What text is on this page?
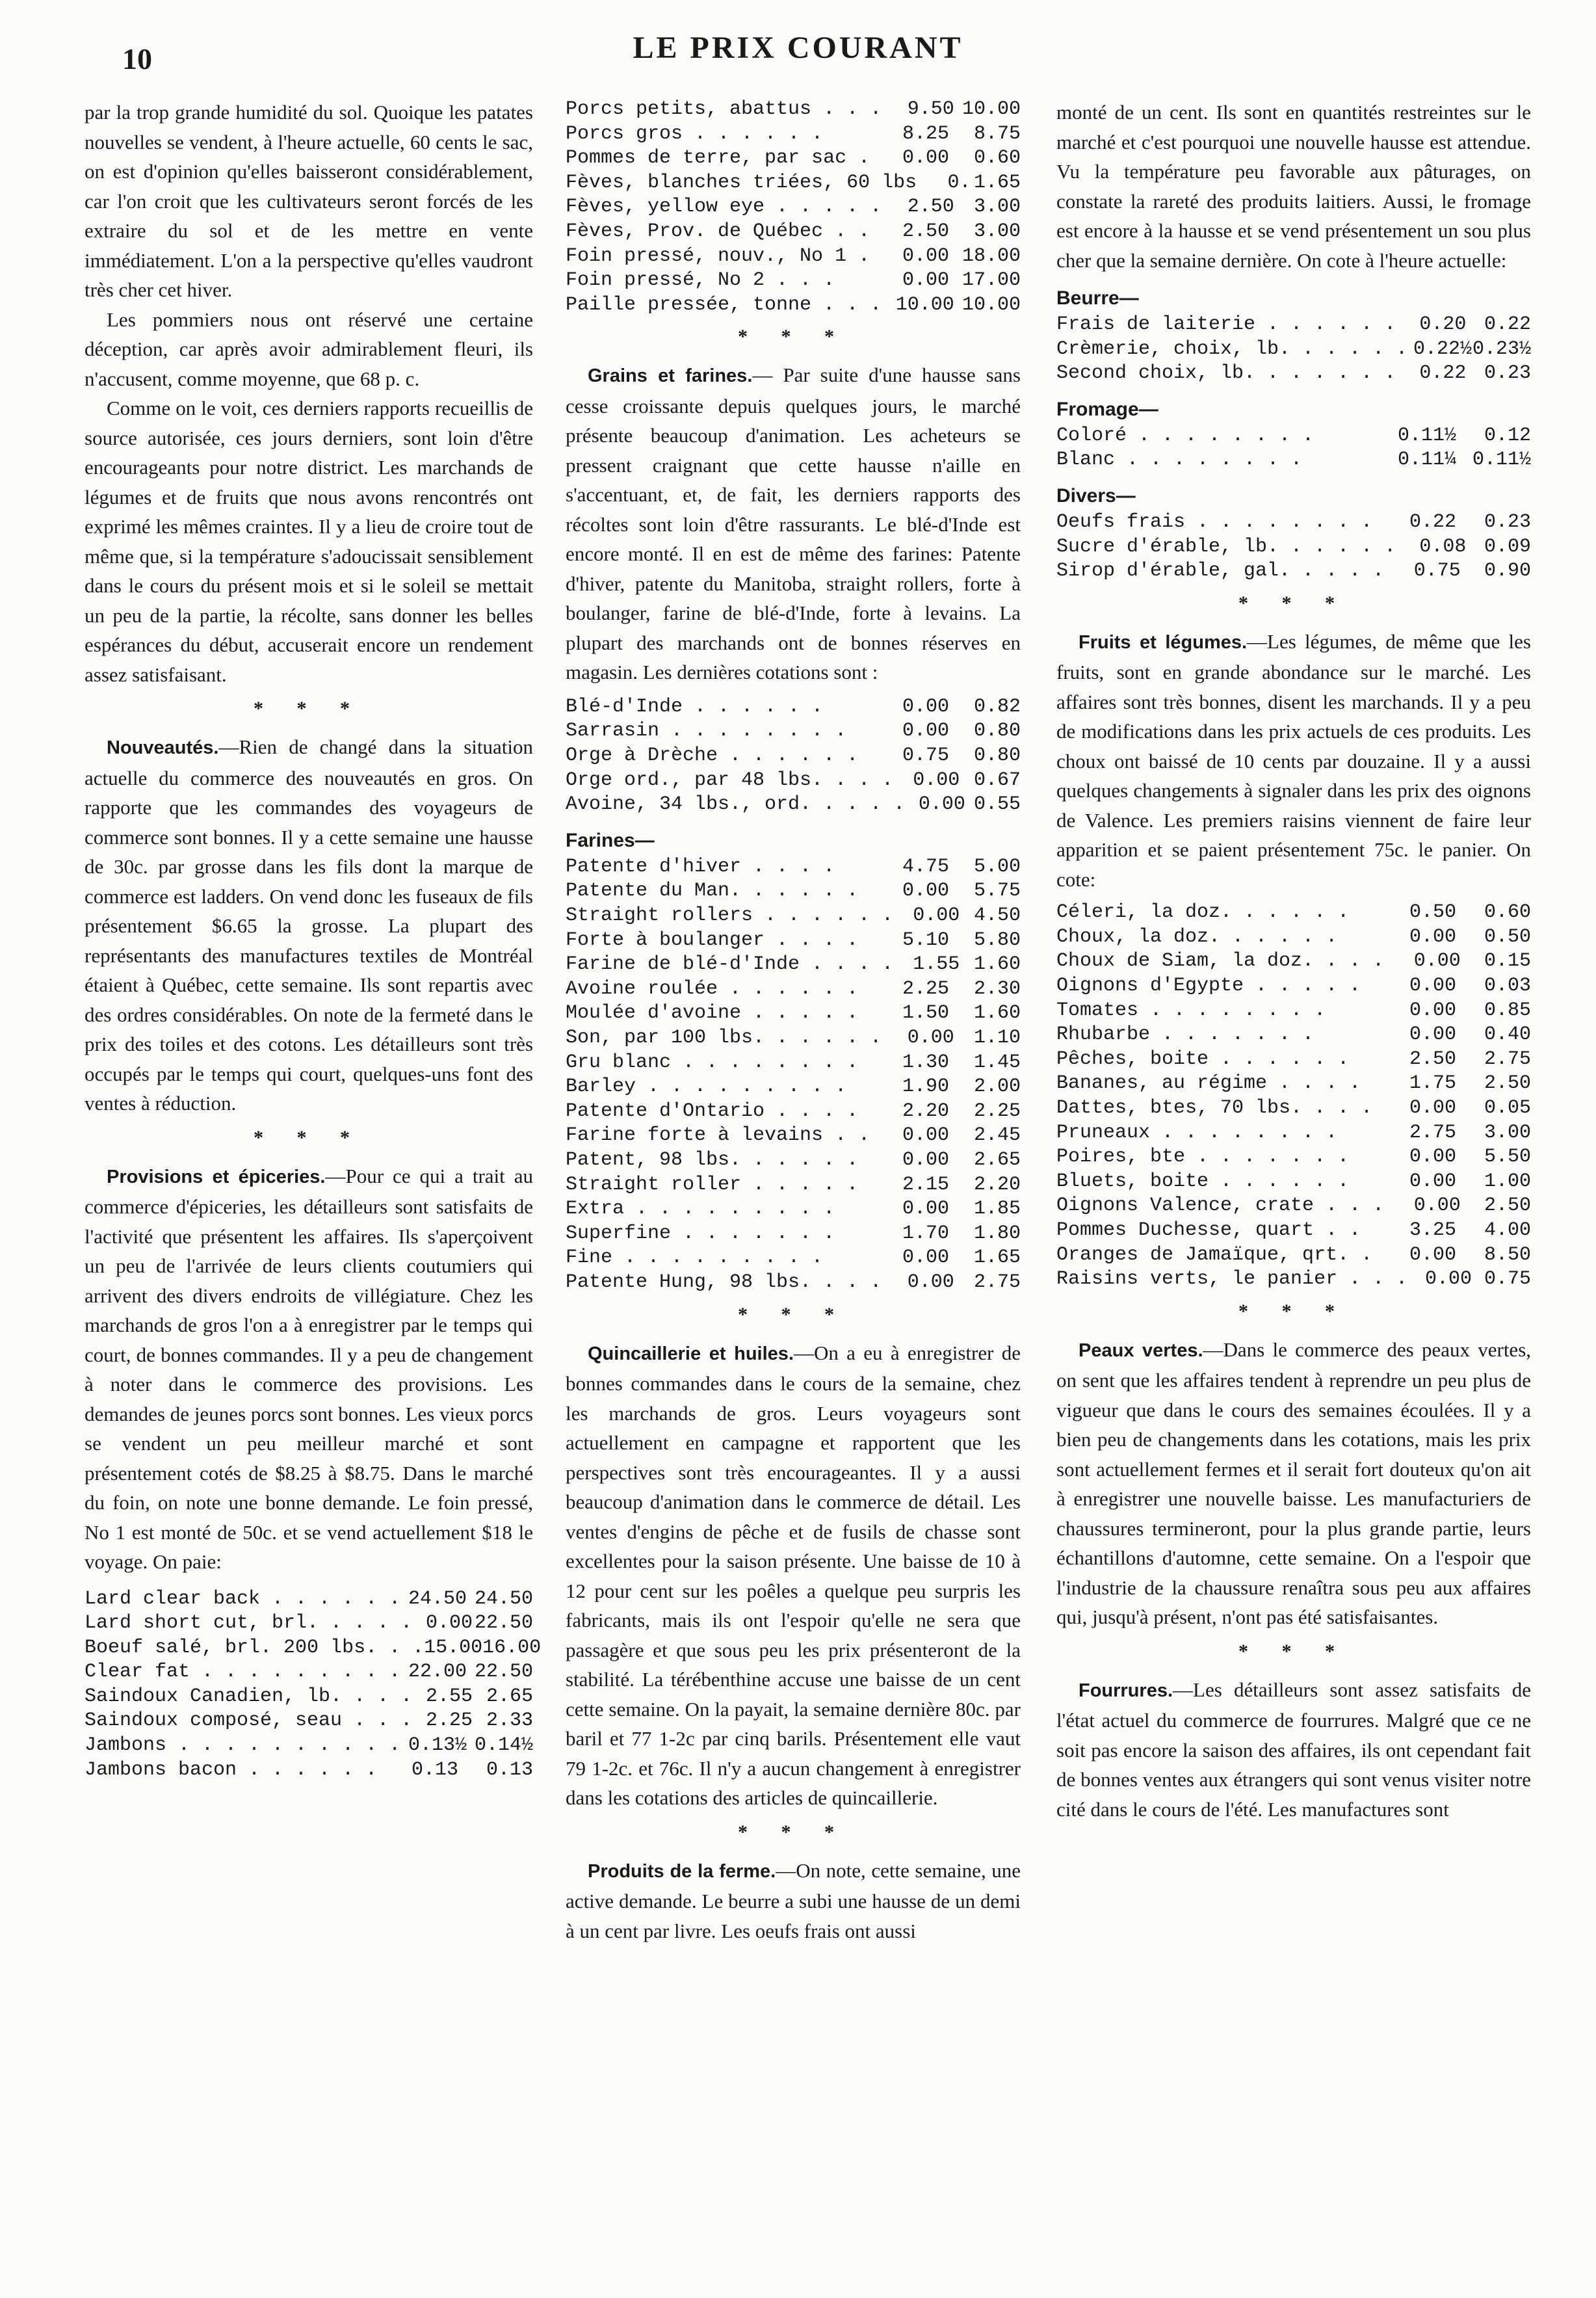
10	LE PRIX COURANT

par la trop grande humidité du sol. Quoique les patates nouvelles se vendent, à l'heure actuelle, 60 cents le sac, on est d'opinion qu'elles baisseront considérablement, car l'on croit que les cultivateurs seront forcés de les extraire du sol et de les mettre en vente immédiatement. L'on a la perspective qu'elles vaudront très cher cet hiver.

Les pommiers nous ont réservé une certaine déception, car après avoir admirablement fleuri, ils n'accusent, comme moyenne, que 68 p. c.

Comme on le voit, ces derniers rapports recueillis de source autorisée, ces jours derniers, sont loin d'être encourageants pour notre district. Les marchands de légumes et de fruits que nous avons rencontrés ont exprimé les mêmes craintes. Il y a lieu de croire tout de même que, si la température s'adoucissait sensiblement dans le cours du présent mois et si le soleil se mettait un peu de la partie, la récolte, sans donner les belles espérances du début, accuserait encore un rendement assez satisfaisant.

* * *

Nouveautés.—Rien de changé dans la situation actuelle du commerce des nouveautés en gros. On rapporte que les commandes des voyageurs de commerce sont bonnes. Il y a cette semaine une hausse de 30c. par grosse dans les fils dont la marque de commerce est ladders. On vend donc les fuseaux de fils présentement $6.65 la grosse. La plupart des représentants des manufactures textiles de Montréal étaient à Québec, cette semaine. Ils sont repartis avec des ordres considérables. On note de la fermeté dans le prix des toiles et des cotons. Les détailleurs sont très occupés par le temps qui court, quelques-uns font des ventes à réduction.

* * *

Provisions et épiceries.—Pour ce qui a trait au commerce d'épiceries, les détailleurs sont satisfaits de l'activité que présentent les affaires. Ils s'aperçoivent un peu de l'arrivée de leurs clients coutumiers qui arrivent des divers endroits de villégiature. Chez les marchands de gros l'on a à enregistrer par le temps qui court, de bonnes commandes. Il y a peu de changement à noter dans le commerce des provisions. Les demandes de jeunes porcs sont bonnes. Les vieux porcs se vendent un peu meilleur marché et sont présentement cotés de $8.25 à $8.75. Dans le marché du foin, on note une bonne demande. Le foin pressé, No 1 est monté de 50c. et se vend actuellement $18 le voyage. On paie:

Lard clear back . . . . . . 24.50 24.50
Lard short cut, brl. . . . . 0.00 22.50
Boeuf salé, brl. 200 lbs. . . 15.00 16.00
Clear fat . . . . . . . . . 22.00 22.50
Saindoux Canadien, lb. . . . 2.55 2.65
Saindoux composé, seau . . . 2.25 2.33
Jambons . . . . . . . . . . 0.13½ 0.14½
Jambons bacon . . . . . .	0.13	0.13
Porcs petits, abattus . . .	9.50 10.00
Porcs gros . . . . . .	8.25	8.75
Pommes de terre, par sac .	0.00	0.60
Fèves, blanches triées, 60 lbs	0. 1.65
Fèves, yellow eye . . . . .	2.50	3.00
Fèves, Prov. de Québec . .	2.50	3.00
Foin pressé, nouv., No 1 .	0.00 18.00
Foin pressé, No 2 . . .	0.00 17.00
Paille pressée, tonne . . . 10.00 10.00
* * *

Grains et farines.— Par suite d'une hausse sans cesse croissante depuis quelques jours, le marché présente beaucoup d'animation. Les acheteurs se pressent craignant que cette hausse n'aille en s'accentuant, et, de fait, les derniers rapports des récoltes sont loin d'être rassurants. Le blé-d'Inde est encore monté. Il en est de même des farines: Patente d'hiver, patente du Manitoba, straight rollers, forte à boulanger, farine de blé-d'Inde, forte à levains. La plupart des marchands ont de bonnes réserves en magasin. Les dernières cotations sont :

Blé-d'Inde . . . . . .	0.00	0.82
Sarrasin . . . . . . . .	0.00	0.80
Orge à Drèche . . . . . .	0.75	0.80
Orge ord., par 48 lbs. . . .	0.00 0.67
Avoine, 34 lbs., ord. . . . . 0.00 0.55
Farines—
Patente d'hiver . . . .	4.75	5.00
Patente du Man. . . . . .	0.00	5.75
Straight rollers . . . . . .	0.00 4.50
Forte à boulanger . . . .	5.10	5.80
Farine de blé-d'Inde . . . .	1.55 1.60
Avoine roulée . . . . . .	2.25	2.30
Moulée d'avoine . . . . .	1.50	1.60
Son, par 100 lbs. . . . . .	0.00	1.10
Gru blanc . . . . . . . .	1.30	1.45
Barley . . . . . . . . .	1.90	2.00
Patente d'Ontario . . . .	2.20	2.25
Farine forte à levains . .	0.00	2.45
Patent, 98 lbs. . . . . .	0.00	2.65
Straight roller . . . . .	2.15	2.20
Extra . . . . . . . . .	0.00	1.85
Superfine . . . . . . .	1.70	1.80
Fine . . . . . . . . .	0.00	1.65
Patente Hung, 98 lbs. . . .	0.00	2.75
* * *

Quincaillerie et huiles.—On a eu à enregistrer de bonnes commandes dans le cours de la semaine, chez les marchands de gros. Leurs voyageurs sont actuellement en campagne et rapportent que les perspectives sont très encourageantes. Il y a aussi beaucoup d'animation dans le commerce de détail. Les ventes d'engins de pêche et de fusils de chasse sont excellentes pour la saison présente. Une baisse de 10 à 12 pour cent sur les poêles a quelque peu surpris les fabricants, mais ils ont l'espoir qu'elle ne sera que passagère et que sous peu les prix présenteront de la stabilité. La térébenthine accuse une baisse de un cent cette semaine. On la payait, la semaine dernière 80c. par baril et 77 1-2c par cinq barils. Présentement elle vaut 79 1-2c. et 76c. Il n'y a aucun changement à enregistrer dans les cotations des articles de quincaillerie.

* * *

Produits de la ferme.—On note, cette semaine, une active demande. Le beurre a subi une hausse de un demi à un cent par livre. Les oeufs frais ont aussi

monté de un cent. Ils sont en quantités restreintes sur le marché et c'est pourquoi une nouvelle hausse est attendue. Vu la température peu favorable aux pâturages, on constate la rareté des produits laitiers. Aussi, le fromage est encore à la hausse et se vend présentement un sou plus cher que la semaine dernière. On cote à l'heure actuelle:

Beurre—
Frais de laiterie . . . . . .	0.20 0.22
Crèmerie, choix, lb. . . . . . 0.22½ 0.23½
Second choix, lb. . . . . . .	0.22 0.23
Fromage—
Coloré . . . . . . . .	0.11½	0.12
Blanc . . . . . . . .	0.11¼ 0.11½
Divers—
Oeufs frais . . . . . . . .	0.22	0.23
Sucre d'érable, lb. . . . . .	0.08 0.09
Sirop d'érable, gal. . . . .	0.75	0.90
* * *

Fruits et légumes.—Les légumes, de même que les fruits, sont en grande abondance sur le marché. Les affaires sont très bonnes, disent les marchands. Il y a peu de modifications dans les prix actuels de ces produits. Les choux ont baissé de 10 cents par douzaine. Il y a aussi quelques changements à signaler dans les prix des oignons de Valence. Les premiers raisins viennent de faire leur apparition et se paient présentement 75c. le panier. On cote:

Céleri, la doz. . . . . .	0.50	0.60
Choux, la doz. . . . . .	0.00	0.50
Choux de Siam, la doz. . . .	0.00	0.15
Oignons d'Egypte . . . . .	0.00	0.03
Tomates . . . . . . . .	0.00	0.85
Rhubarbe . . . . . . .	0.00	0.40
Pêches, boite . . . . . .	2.50	2.75
Bananes, au régime . . . .	1.75	2.50
Dattes, btes, 70 lbs. . . .	0.00	0.05
Pruneaux . . . . . . . .	2.75	3.00
Poires, bte . . . . . . .	0.00	5.50
Bluets, boite . . . . . .	0.00	1.00
Oignons Valence, crate . . .	0.00	2.50
Pommes Duchesse, quart . .	3.25	4.00
Oranges de Jamaïque, qrt. .	0.00	8.50
Raisins verts, le panier . . . 0.00 0.75
* * *

Peaux vertes.—Dans le commerce des peaux vertes, on sent que les affaires tendent à reprendre un peu plus de vigueur que dans le cours des semaines écoulées. Il y a bien peu de changements dans les cotations, mais les prix sont actuellement fermes et il serait fort douteux qu'on ait à enregistrer une nouvelle baisse. Les manufacturiers de chaussures termineront, pour la plus grande partie, leurs échantillons d'automne, cette semaine. On a l'espoir que l'industrie de la chaussure renaîtra sous peu aux affaires qui, jusqu'à présent, n'ont pas été satisfaisantes.

* * *

Fourrures.—Les détailleurs sont assez satisfaits de l'état actuel du commerce de fourrures. Malgré que ce ne soit pas encore la saison des affaires, ils ont cependant fait de bonnes ventes aux étrangers qui sont venus visiter notre cité dans le cours de l'été. Les manufactures sont
